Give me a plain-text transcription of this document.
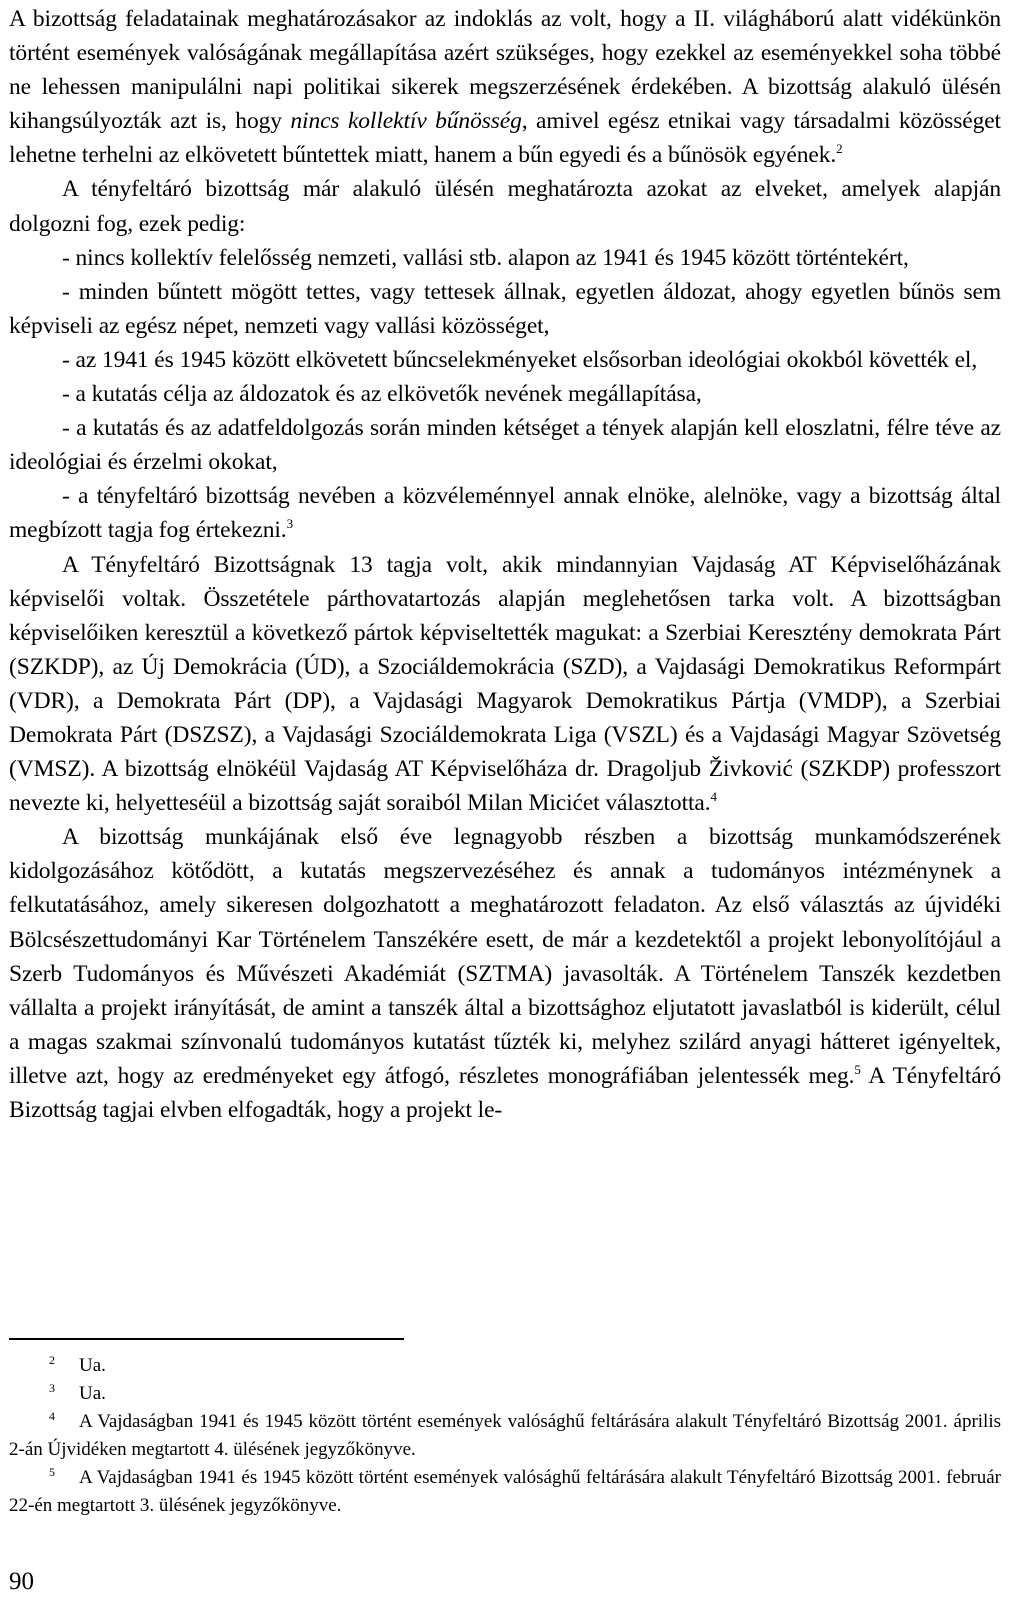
A bizottság feladatainak meghatározásakor az indoklás az volt, hogy a II. világháború alatt vidékünkön történt események valóságának megállapítása azért szükséges, hogy ezekkel az eseményekkel soha többé ne lehessen manipulálni napi politikai sikerek megszerzésének érdekében. A bizottság alakuló ülésén kihangsúlyozták azt is, hogy nincs kollektív bűnösség, amivel egész etnikai vagy társadalmi közösséget lehetne terhelni az elkövetett bűntettek miatt, hanem a bűn egyedi és a bűnösök egyének.$^2$

A tényfeltáró bizottság már alakuló ülésén meghatározta azokat az elveket, amelyek alapján dolgozni fog, ezek pedig:

- nincs kollektív felelősség nemzeti, vallási stb. alapon az 1941 és 1945 között történtekért,

- minden bűntett mögött tettes, vagy tettesek állnak, egyetlen áldozat, ahogy egyetlen bűnös sem képviseli az egész népet, nemzeti vagy vallási közösséget,

- az 1941 és 1945 között elkövetett bűncselekményeket elsősorban ideológiai okokból követték el,

- a kutatás célja az áldozatok és az elkövetők nevének megállapítása,

- a kutatás és az adatfeldolgozás során minden kétséget a tények alapján kell eloszlatni, félre téve az ideológiai és érzelmi okokat,

- a tényfeltáró bizottság nevében a közvéleménnyel annak elnöke, alelnöke, vagy a bizottság által megbízott tagja fog értekezni.$^3$

A Tényfeltáró Bizottságnak 13 tagja volt, akik mindannyian Vajdaság AT Képviselőházának képviselői voltak. Összetétele párthovatartozás alapján meglehetősen tarka volt. A bizottságban képviselőiken keresztül a következő pártok képviseltették magukat: a Szerbiai Keresztény demokrata Párt (SZKDP), az Új Demokrácia (ÚD), a Szociáldemokrácia (SZD), a Vajdasági Demokratikus Reformpárt (VDR), a Demokrata Párt (DP), a Vajdasági Magyarok Demokratikus Pártja (VMDP), a Szerbiai Demokrata Párt (DSZSZ), a Vajdasági Szociáldemokrata Liga (VSZL) és a Vajdasági Magyar Szövetség (VMSZ). A bizottság elnökéül Vajdaság AT Képviselőháza dr. Dragoljub Živković (SZKDP) professzort nevezte ki, helyetteséül a bizottság saját soraiból Milan Micićet választotta.$^4$

A bizottság munkájának első éve legnagyobb részben a bizottság munkamódszerének kidolgozásához kötődött, a kutatás megszervezéséhez és annak a tudományos intézménynek a felkutatásához, amely sikeresen dolgozhatott a meghatározott feladaton. Az első választás az újvidéki Bölcsészettudományi Kar Történelem Tanszékére esett, de már a kezdetektől a projekt lebonyolítójául a Szerb Tudományos és Művészeti Akadémiát (SZTMA) javasolták. A Történelem Tanszék kezdetben vállalta a projekt irányítását, de amint a tanszék által a bizottsághoz eljutatott javaslatból is kiderült, célul a magas szakmai színvonalú tudományos kutatást tűzték ki, melyhez szilárd anyagi hátteret igényeltek, illetve azt, hogy az eredményeket egy átfogó, részletes monográfiában jelentessék meg.$^5$ A Tényfeltáró Bizottság tagjai elvben elfogadták, hogy a projekt le-

2 Ua.

3 Ua.

4 A Vajdaságban 1941 és 1945 között történt események valósághű feltárására alakult Tényfeltáró Bizottság 2001. április 2-án Újvidéken megtartott 4. ülésének jegyzőkönyve.

5 A Vajdaságban 1941 és 1945 között történt események valósághű feltárására alakult Tényfeltáró Bizottság 2001. február 22-én megtartott 3. ülésének jegyzőkönyve.

90
